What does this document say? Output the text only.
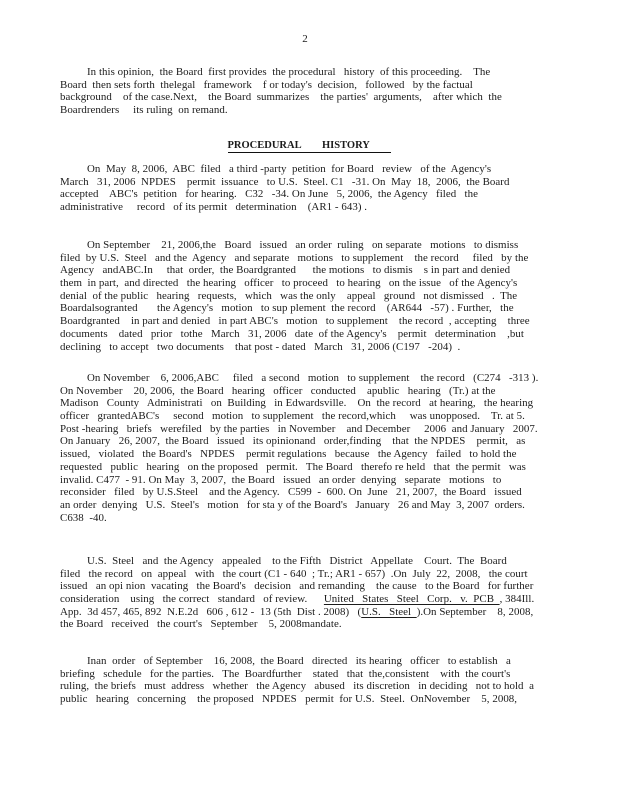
2
In this opinion,  the Board  first provides  the procedural   history  of this proceeding.    The
Board  then sets forth  thelegal   framework    f or today's  decision,   followed   by the factual
background    of the case.Next,    the Board  summarizes    the parties'  arguments,    after which  the
Boardrenders     its ruling  on remand.
PROCEDURAL        HISTORY
On  May  8, 2006,  ABC  filed   a third -party  petition  for Board   review   of the  Agency's
March   31, 2006  NPDES    permit  issuance   to U.S.  Steel. C1   -31. On  May  18,  2006,  the Board
accepted    ABC's  petition   for hearing.   C32   -34. On June   5, 2006,  the Agency   filed   the
administrative     record   of its permit   determination    (AR1 - 643) .
On September    21, 2006,the   Board   issued   an order  ruling   on separate   motions   to dismiss
filed  by U.S.  Steel   and the  Agency   and separate   motions   to supplement    the record     filed   by the
Agency   andABC.In     that  order,  the Boardgranted      the motions   to dismis    s in part and denied
them  in part,  and directed   the hearing   officer   to proceed   to hearing   on the issue   of the Agency's
denial  of the public   hearing   requests,   which   was the only    appeal   ground   not dismissed   .  The
Boardalsogranted       the Agency's   motion   to sup plement  the record    (AR644   -57) . Further,   the
Boardgranted    in part and denied   in part ABC's   motion   to supplement    the record  , accepting    three
documents    dated   prior   tothe   March   31, 2006   date  of the Agency's    permit   determination    ,but
declining   to accept   two documents    that post - dated   March   31, 2006 (C197   -204)  .
On November    6, 2006,ABC     filed   a second   motion   to supplement    the record   (C274   -313 ).
On November    20, 2006,  the Board   hearing   officer   conducted    apublic   hearing   (Tr.) at the
Madison   County   Administrati   on  Building   in Edwardsville.    On  the record   at hearing,   the hearing
officer   grantedABC's     second   motion   to supplement   the record,which     was unopposed.    Tr. at 5.
Post -hearing   briefs   werefiled   by the parties   in November    and December     2006  and January   2007.
On January   26, 2007,  the Board   issued   its opinionand   order,finding    that  the NPDES    permit,   as
issued,   violated   the Board's   NPDES    permit regulations   because   the Agency   failed   to hold the
requested   public   hearing   on the proposed   permit.   The Board   therefo re held   that  the permit   was
invalid. C477  - 91. On May  3, 2007,  the Board   issued   an order  denying   separate   motions   to
reconsider   filed   by U.S.Steel    and the Agency.   C599  -  600. On  June   21, 2007,  the Board   issued
an order  denying   U.S.  Steel's   motion   for sta y of the Board's   January   26 and May  3, 2007  orders.
C638  -40.
U.S.  Steel   and  the Agency   appealed    to the Fifth   District   Appellate    Court.  The  Board
filed   the record   on  appeal   with   the court (C1 - 640  ; Tr.; AR1 - 657)  .On  July  22,  2008,   the court
issued   an opi nion  vacating   the Board's   decision   and remanding    the cause   to the Board   for further
consideration    using   the correct   standard   of review.      United   States   Steel   Corp.   v.  PCB  , 384Ill.
App.  3d 457, 465, 892  N.E.2d   606 , 612 -  13 (5th  Dist . 2008)   (U.S.   Steel  ).On September    8, 2008,
the Board   received   the court's   September    5, 2008mandate.
Inan  order   of September    16, 2008,  the Board   directed   its hearing   officer   to establish   a
briefing   schedule   for the parties.   The  Boardfurther    stated   that  the,consistent    with  the court's
ruling,  the briefs   must  address   whether   the Agency   abused   its discretion   in deciding   not to hold  a
public   hearing   concerning    the proposed   NPDES   permit  for U.S.  Steel.  OnNovember    5, 2008,
